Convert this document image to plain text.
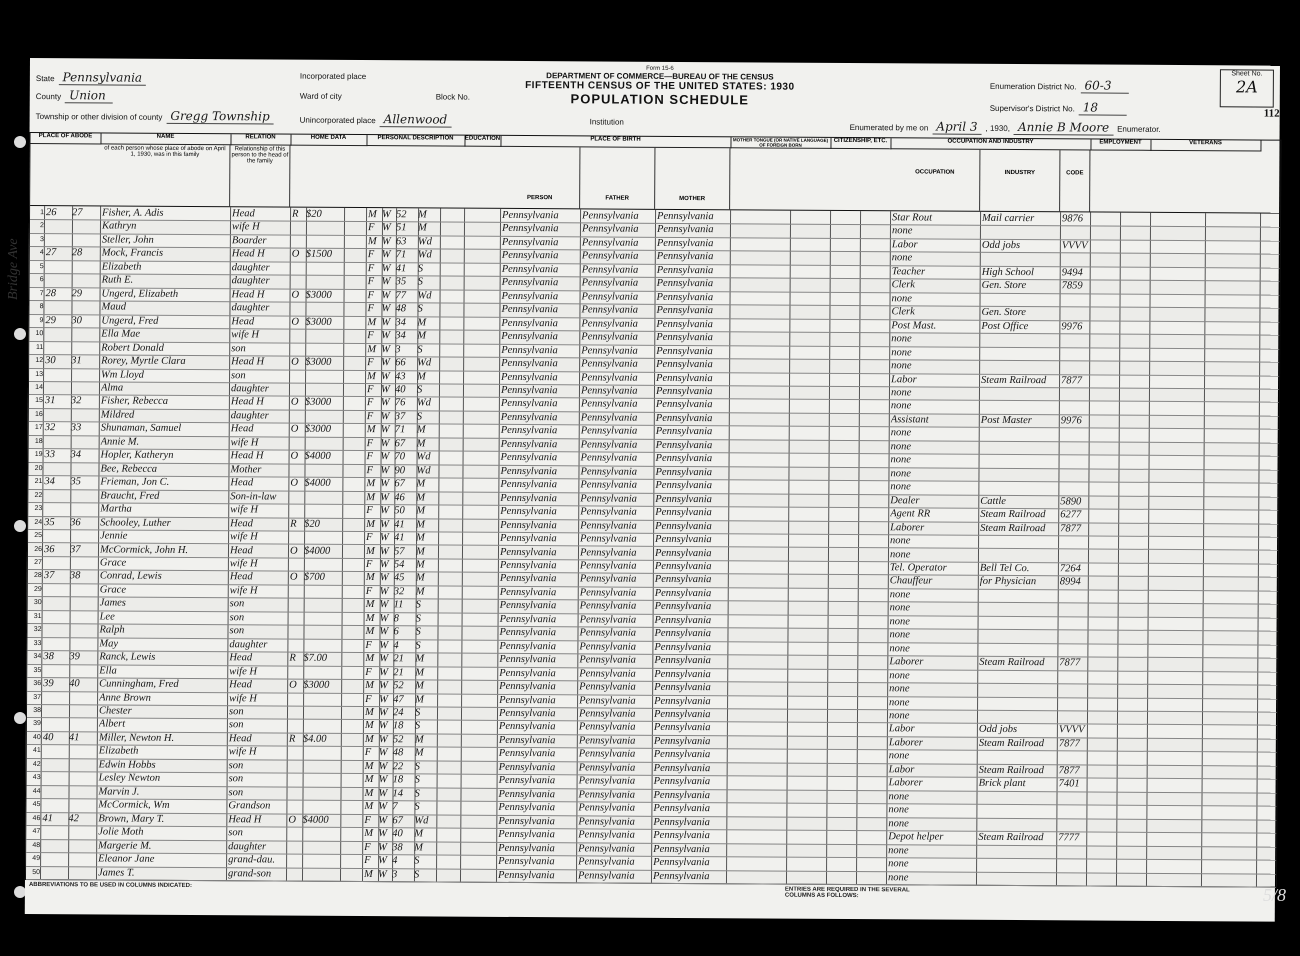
State Pennsylvania
County Union
Township or other division of county Gregg Township
Incorporated place
Ward of city	Block No.
Unincorporated place Allenwood
Form 15-6
DEPARTMENT OF COMMERCE—BUREAU OF THE CENSUS
FIFTEENTH CENSUS OF THE UNITED STATES: 1930
POPULATION SCHEDULE
Institution
Enumerated by me on April 3 , 1930, Annie B Moore Enumerator.
Enumeration District No. 60-3
Supervisor's District No. 18
Sheet No.
2A
112
PLACE OF ABODE	NAME	RELATION	HOME DATA	PERSONAL DESCRIPTION	EDUCATION	PLACE OF BIRTH	MOTHER TONGUE (OR NATIVE LANGUAGE) OF FOREIGN BORN
CITIZENSHIP, ETC.	OCCUPATION AND INDUSTRY	EMPLOYMENT	VETERANS
of each person whose place of abode on April 1, 1930, was in this family
Relationship of this person to the head of the family
PERSON	FATHER	MOTHER
OCCUPATION	INDUSTRY	CODE
1 26	27	Fisher, A. Adis	Head	R $20	M W 52	M	Pennsylvania	Pennsylvania	Pennsylvania	Star Rout	Mail carrier	9876
2	Kathryn	wife H	F W 51	M	Pennsylvania	Pennsylvania	Pennsylvania	none
3	Steller, John	Boarder	M W 63	Wd	Pennsylvania	Pennsylvania	Pennsylvania	Labor	Odd jobs	VVVV
4 27	28	Mock, Francis	Head H	O $1500	F W 71	Wd	Pennsylvania	Pennsylvania	Pennsylvania	none
5	Elizabeth	daughter	F W 41	S	Pennsylvania	Pennsylvania	Pennsylvania	Teacher	High School	9494
6	Ruth E.	daughter	F W 35	S	Pennsylvania	Pennsylvania	Pennsylvania	Clerk	Gen. Store	7859
7 28	29	Ungerd, Elizabeth	Head H	O $3000	F W 77	Wd	Pennsylvania	Pennsylvania	Pennsylvania	none
8	Maud	daughter	F W 48	S	Pennsylvania	Pennsylvania	Pennsylvania	Clerk	Gen. Store
9 29	30	Ungerd, Fred	Head	O $3000	M W 34	M	Pennsylvania	Pennsylvania	Pennsylvania	Post Mast.	Post Office	9976
10	Ella Mae	wife H	F W 34	M	Pennsylvania	Pennsylvania	Pennsylvania	none
11	Robert Donald	son	M W 3	S	Pennsylvania	Pennsylvania	Pennsylvania	none
12 30	31	Rorey, Myrtle Clara	Head H	O $3000	F W 66	Wd	Pennsylvania	Pennsylvania	Pennsylvania	none
13	Wm Lloyd	son	M W 43	M	Pennsylvania	Pennsylvania	Pennsylvania	Labor	Steam Railroad	7877
14	Alma	daughter	F W 40	S	Pennsylvania	Pennsylvania	Pennsylvania	none
15 31	32	Fisher, Rebecca	Head H	O $3000	F W 76	Wd	Pennsylvania	Pennsylvania	Pennsylvania	none
16	Mildred	daughter	F W 37	S	Pennsylvania	Pennsylvania	Pennsylvania	Assistant	Post Master	9976
17 32	33	Shunaman, Samuel	Head	O $3000	M W 71	M	Pennsylvania	Pennsylvania	Pennsylvania	none
18	Annie M.	wife H	F W 67	M	Pennsylvania	Pennsylvania	Pennsylvania	none
19 33	34	Hopler, Katheryn	Head H	O $4000	F W 70	Wd	Pennsylvania	Pennsylvania	Pennsylvania	none
20	Bee, Rebecca	Mother	F W 90	Wd	Pennsylvania	Pennsylvania	Pennsylvania	none
21 34	35	Frieman, Jon C.	Head	O $4000	M W 67	M	Pennsylvania	Pennsylvania	Pennsylvania	none
22	Braucht, Fred	Son-in-law	M W 46	M	Pennsylvania	Pennsylvania	Pennsylvania	Dealer	Cattle	5890
23	Martha	wife H	F W 50	M	Pennsylvania	Pennsylvania	Pennsylvania	Agent RR	Steam Railroad	6277
24 35	36	Schooley, Luther	Head	R $20	M W 41	M	Pennsylvania	Pennsylvania	Pennsylvania	Laborer	Steam Railroad	7877
25	Jennie	wife H	F W 41	M	Pennsylvania	Pennsylvania	Pennsylvania	none
26 36	37	McCormick, John H.	Head	O $4000	M W 57	M	Pennsylvania	Pennsylvania	Pennsylvania	none
27	Grace	wife H	F W 54	M	Pennsylvania	Pennsylvania	Pennsylvania	Tel. Operator	Bell Tel Co.	7264
28 37	38	Conrad, Lewis	Head	O $700	M W 45	M	Pennsylvania	Pennsylvania	Pennsylvania	Chauffeur	for Physician	8994
29	Grace	wife H	F W 32	M	Pennsylvania	Pennsylvania	Pennsylvania	none
30	James	son	M W 11	S	Pennsylvania	Pennsylvania	Pennsylvania	none
31	Lee	son	M W 8	S	Pennsylvania	Pennsylvania	Pennsylvania	none
32	Ralph	son	M W 6	S	Pennsylvania	Pennsylvania	Pennsylvania	none
33	May	daughter	F W 4	S	Pennsylvania	Pennsylvania	Pennsylvania	none
34 38	39	Ranck, Lewis	Head	R $7.00	M W 21	M	Pennsylvania	Pennsylvania	Pennsylvania	Laborer	Steam Railroad	7877
35	Ella	wife H	F W 21	M	Pennsylvania	Pennsylvania	Pennsylvania	none
36 39	40	Cunningham, Fred	Head	O $3000	M W 52	M	Pennsylvania	Pennsylvania	Pennsylvania	none
37	Anne Brown	wife H	F W 47	M	Pennsylvania	Pennsylvania	Pennsylvania	none
38	Chester	son	M W 24	S	Pennsylvania	Pennsylvania	Pennsylvania	none
39	Albert	son	M W 18	S	Pennsylvania	Pennsylvania	Pennsylvania	Labor	Odd jobs	VVVV
40 40	41	Miller, Newton H.	Head	R $4.00	M W 52	M	Pennsylvania	Pennsylvania	Pennsylvania	Laborer	Steam Railroad	7877
41	Elizabeth	wife H	F W 48	M	Pennsylvania	Pennsylvania	Pennsylvania	none
42	Edwin Hobbs	son	M W 22	S	Pennsylvania	Pennsylvania	Pennsylvania	Labor	Steam Railroad	7877
43	Lesley Newton	son	M W 18	S	Pennsylvania	Pennsylvania	Pennsylvania	Laborer	Brick plant	7401
44	Marvin J.	son	M W 14	S	Pennsylvania	Pennsylvania	Pennsylvania	none
45	McCormick, Wm	Grandson	M W 7	S	Pennsylvania	Pennsylvania	Pennsylvania	none
46 41	42	Brown, Mary T.	Head H	O $4000	F W 67	Wd	Pennsylvania	Pennsylvania	Pennsylvania	none
47	Jolie Moth	son	M W 40	M	Pennsylvania	Pennsylvania	Pennsylvania	Depot helper	Steam Railroad	7777
48	Margerie M.	daughter	F W 38	M	Pennsylvania	Pennsylvania	Pennsylvania	none
49	Eleanor Jane	grand-dau.	F W 4	S	Pennsylvania	Pennsylvania	Pennsylvania	none
50	James T.	grand-son	M W 3	S	Pennsylvania	Pennsylvania	Pennsylvania	none
ABBREVIATIONS TO BE USED IN COLUMNS INDICATED:
ENTRIES ARE REQUIRED IN THE SEVERAL COLUMNS AS FOLLOWS:
Bridge Ave
5/8
